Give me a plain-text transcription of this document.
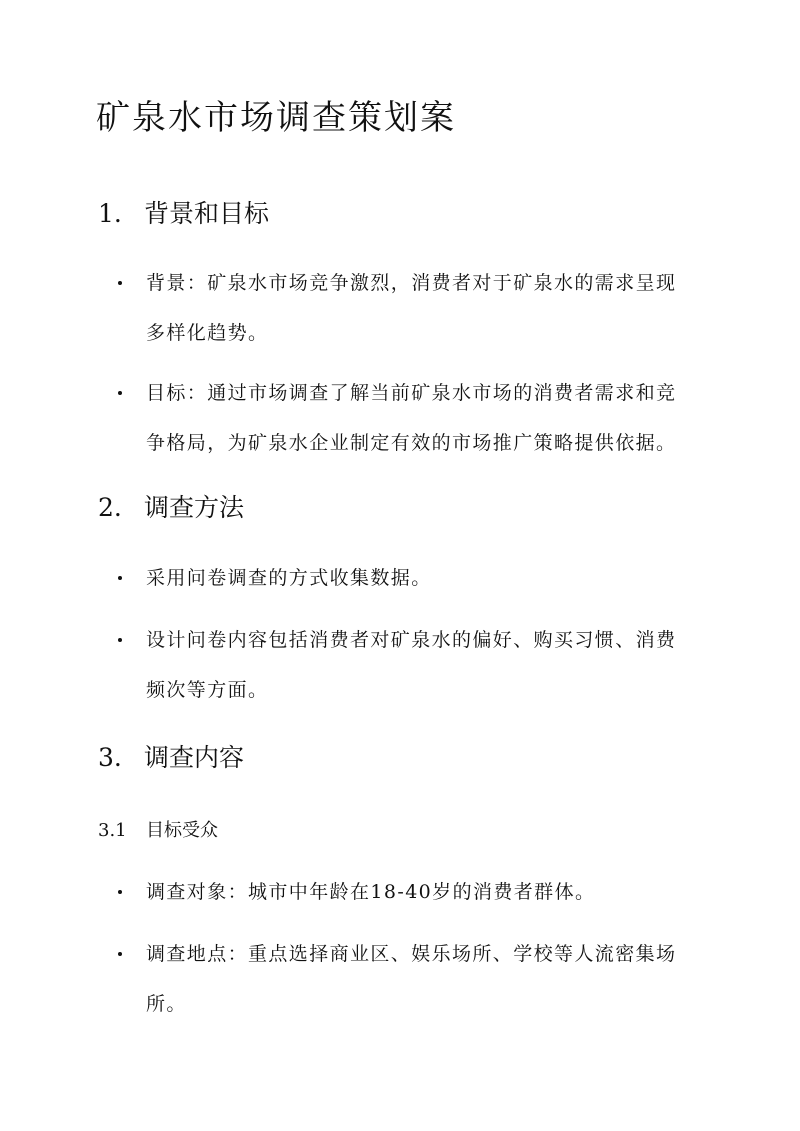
矿泉水市场调查策划案
1. 背景和目标
背景：矿泉水市场竞争激烈，消费者对于矿泉水的需求呈现
多样化趋势。
目标：通过市场调查了解当前矿泉水市场的消费者需求和竞
争格局，为矿泉水企业制定有效的市场推广策略提供依据。
2. 调查方法
采用问卷调查的方式收集数据。
设计问卷内容包括消费者对矿泉水的偏好、购买习惯、消费
频次等方面。
3. 调查内容
3.1 目标受众
调查对象：城市中年龄在18-40岁的消费者群体。
调查地点：重点选择商业区、娱乐场所、学校等人流密集场
所。
